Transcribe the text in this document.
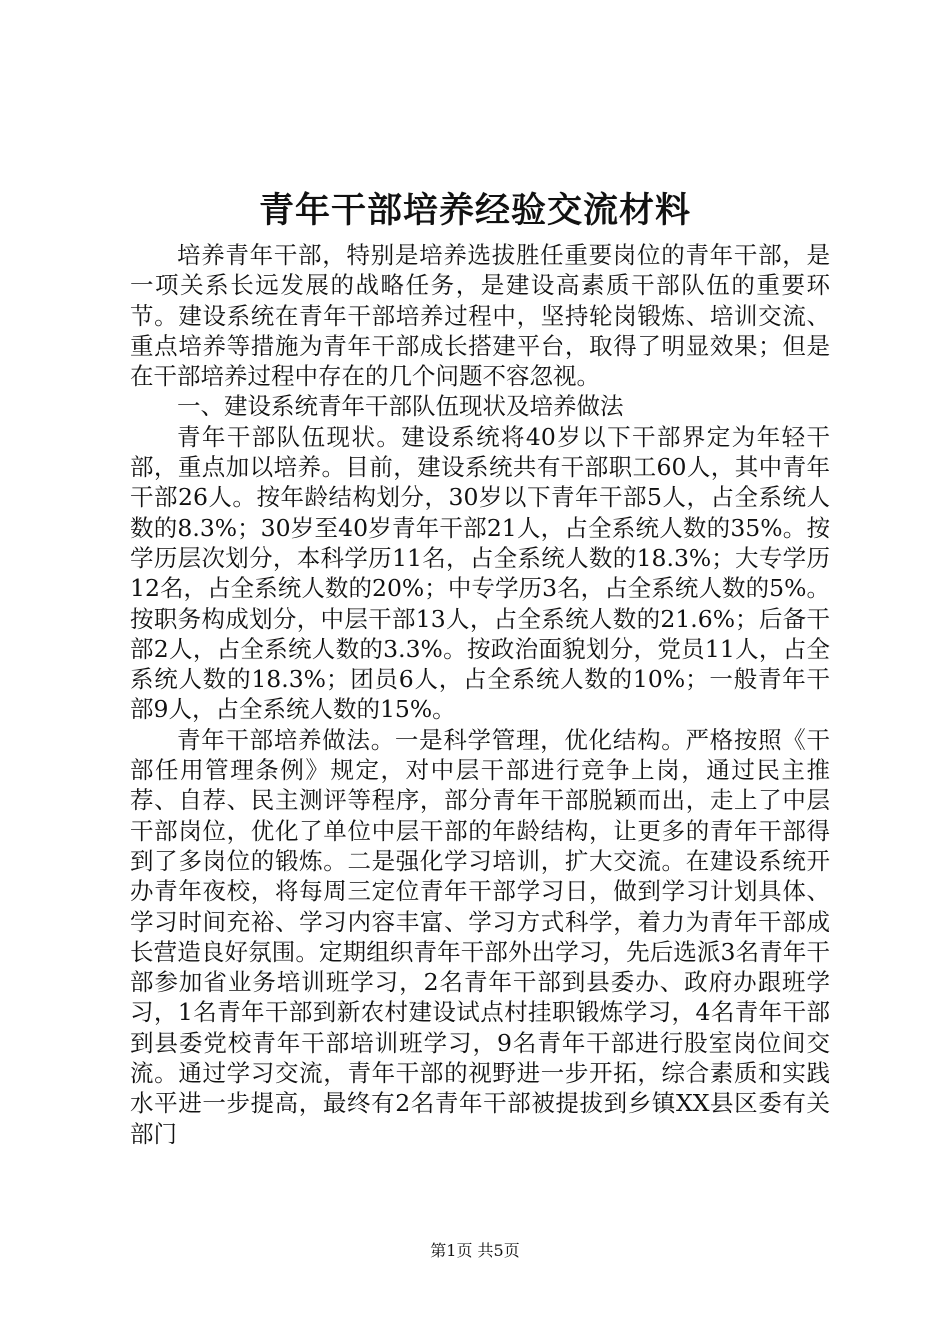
青年干部培养经验交流材料

培养青年干部，特别是培养选拔胜任重要岗位的青年干部，是一项关系长远发展的战略任务，是建设高素质干部队伍的重要环节。建设系统在青年干部培养过程中，坚持轮岗锻炼、培训交流、重点培养等措施为青年干部成长搭建平台，取得了明显效果；但是在干部培养过程中存在的几个问题不容忽视。

一、建设系统青年干部队伍现状及培养做法

青年干部队伍现状。建设系统将40岁以下干部界定为年轻干部，重点加以培养。目前，建设系统共有干部职工60人，其中青年干部26人。按年龄结构划分，30岁以下青年干部5人，占全系统人数的8.3%；30岁至40岁青年干部21人，占全系统人数的35%。按学历层次划分，本科学历11名，占全系统人数的18.3%；大专学历12名，占全系统人数的20%；中专学历3名，占全系统人数的5%。按职务构成划分，中层干部13人，占全系统人数的21.6%；后备干部2人，占全系统人数的3.3%。按政治面貌划分，党员11人，占全系统人数的18.3%；团员6人，占全系统人数的10%；一般青年干部9人，占全系统人数的15%。

青年干部培养做法。一是科学管理，优化结构。严格按照《干部任用管理条例》规定，对中层干部进行竞争上岗，通过民主推荐、自荐、民主测评等程序，部分青年干部脱颖而出，走上了中层干部岗位，优化了单位中层干部的年龄结构，让更多的青年干部得到了多岗位的锻炼。二是强化学习培训，扩大交流。在建设系统开办青年夜校，将每周三定位青年干部学习日，做到学习计划具体、学习时间充裕、学习内容丰富、学习方式科学，着力为青年干部成长营造良好氛围。定期组织青年干部外出学习，先后选派3名青年干部参加省业务培训班学习，2名青年干部到县委办、政府办跟班学习，1名青年干部到新农村建设试点村挂职锻炼学习，4名青年干部到县委党校青年干部培训班学习，9名青年干部进行股室岗位间交流。通过学习交流，青年干部的视野进一步开拓，综合素质和实践水平进一步提高，最终有2名青年干部被提拔到乡镇XX县区委有关部门

第1页 共5页
